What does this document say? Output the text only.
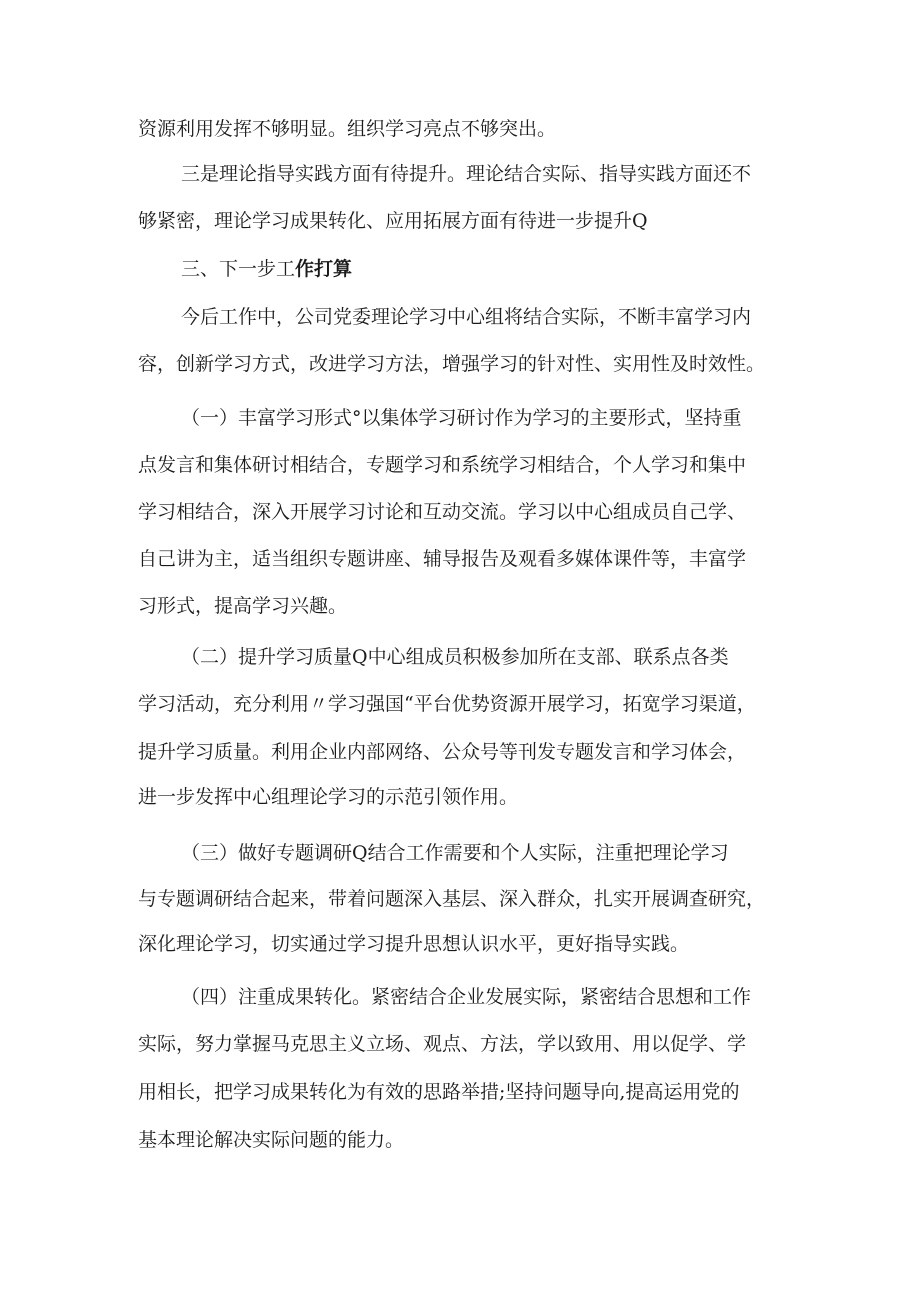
资源利用发挥不够明显。组织学习亮点不够突出。
三是理论指导实践方面有待提升。理论结合实际、指导实践方面还不
够紧密，理论学习成果转化、应用拓展方面有待进一步提升Q
三、下一步工作打算
今后工作中，公司党委理论学习中心组将结合实际，不断丰富学习内
容，创新学习方式，改进学习方法，增强学习的针对性、实用性及时效性。
（一）丰富学习形式°以集体学习研讨作为学习的主要形式，坚持重
点发言和集体研讨相结合，专题学习和系统学习相结合，个人学习和集中
学习相结合，深入开展学习讨论和互动交流。学习以中心组成员自己学、
自己讲为主，适当组织专题讲座、辅导报告及观看多媒体课件等，丰富学
习形式，提高学习兴趣。
（二）提升学习质量Q中心组成员积极参加所在支部、联系点各类
学习活动，充分利用〃学习强国“平台优势资源开展学习，拓宽学习渠道，
提升学习质量。利用企业内部网络、公众号等刊发专题发言和学习体会，
进一步发挥中心组理论学习的示范引领作用。
（三）做好专题调研Q结合工作需要和个人实际，注重把理论学习
与专题调研结合起来，带着问题深入基层、深入群众，扎实开展调查研究，
深化理论学习，切实通过学习提升思想认识水平，更好指导实践。
（四）注重成果转化。紧密结合企业发展实际，紧密结合思想和工作
实际，努力掌握马克思主义立场、观点、方法，学以致用、用以促学、学
用相长，把学习成果转化为有效的思路举措;坚持问题导向,提高运用党的
基本理论解决实际问题的能力。
